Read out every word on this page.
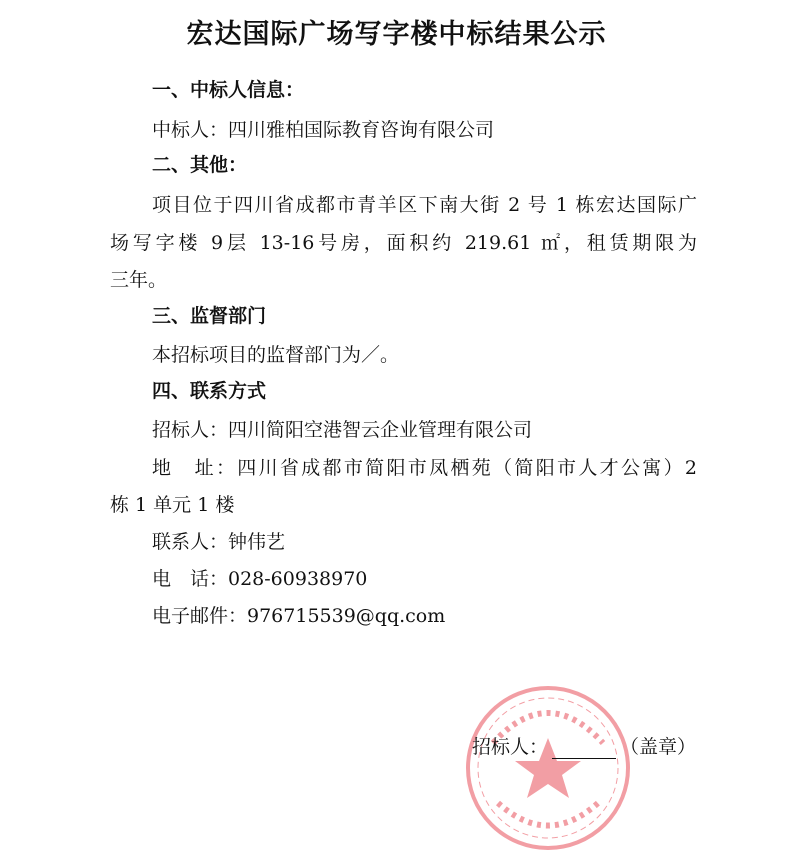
宏达国际广场写字楼中标结果公示
一、中标人信息：
中标人：四川雅柏国际教育咨询有限公司
二、其他：
项目位于四川省成都市青羊区下南大街 2 号 1 栋宏达国际广
场写字楼 9层 13-16号房，面积约 219.61 ㎡，租赁期限为
三年。
三、监督部门
本招标项目的监督部门为／。
四、联系方式
招标人：四川简阳空港智云企业管理有限公司
地　址：四川省成都市简阳市凤栖苑（简阳市人才公寓）2
栋 1 单元 1 楼
联系人：钟伟艺
电　话：028-60938970
电子邮件：976715539@qq.com
招标人：	（盖章）
